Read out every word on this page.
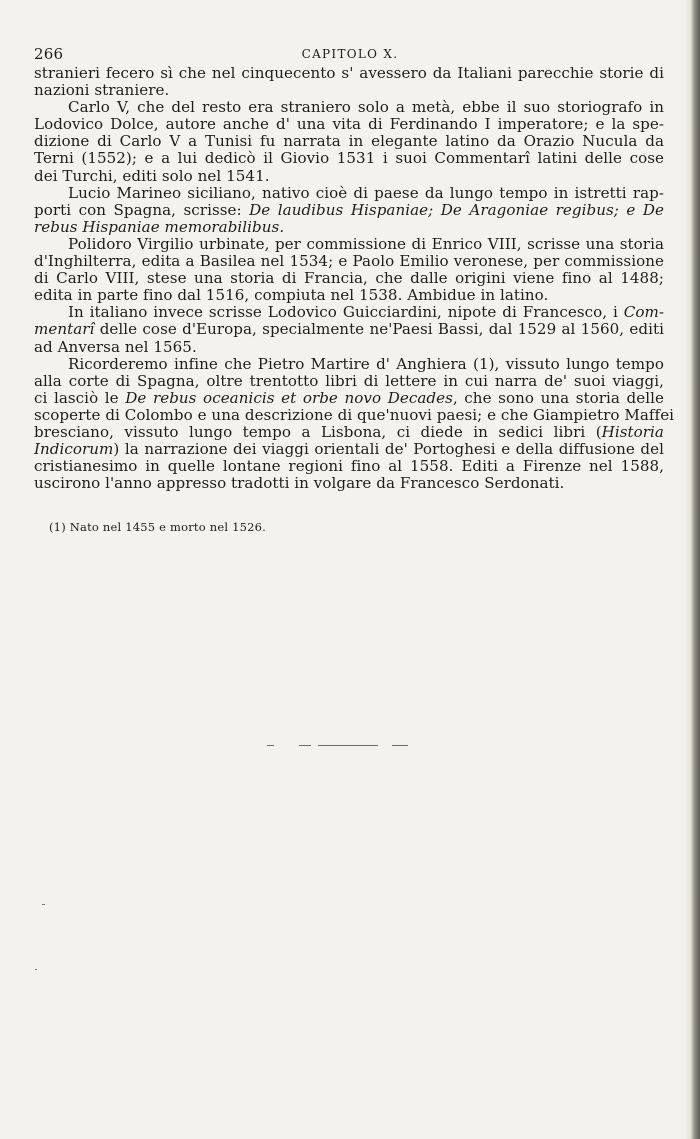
266	CAPITOLO X.
stranieri fecero sì che nel cinquecento s' avessero da Italiani parecchie storie di
nazioni straniere.
Carlo V, che del resto era straniero solo a metà, ebbe il suo storiografo in
Lodovico Dolce, autore anche d' una vita di Ferdinando I imperatore; e la spe-
dizione di Carlo V a Tunisi fu narrata in elegante latino da Orazio Nucula da
Terni (1552); e a lui dedicò il Giovio 1531 i suoi Commentarî latini delle cose
dei Turchi, editi solo nel 1541.
Lucio Marineo siciliano, nativo cioè di paese da lungo tempo in istretti rap-
porti con Spagna, scrisse: De laudibus Hispaniae; De Aragoniae regibus; e De
rebus Hispaniae memorabilibus.
Polidoro Virgilio urbinate, per commissione di Enrico VIII, scrisse una storia
d'Inghilterra, edita a Basilea nel 1534; e Paolo Emilio veronese, per commissione
di Carlo VIII, stese una storia di Francia, che dalle origini viene fino al 1488;
edita in parte fino dal 1516, compiuta nel 1538. Ambidue in latino.
In italiano invece scrisse Lodovico Guicciardini, nipote di Francesco, i Com-
mentarî delle cose d'Europa, specialmente ne'Paesi Bassi, dal 1529 al 1560, editi
ad Anversa nel 1565.
Ricorderemo infine che Pietro Martire d' Anghiera (1), vissuto lungo tempo
alla corte di Spagna, oltre trentotto libri di lettere in cui narra de' suoi viaggi,
ci lasciò le De rebus oceanicis et orbe novo Decades, che sono una storia delle
scoperte di Colombo e una descrizione di que'nuovi paesi; e che Giampietro Maffei
bresciano, vissuto lungo tempo a Lisbona, ci diede in sedici libri (Historia
Indicorum) la narrazione dei viaggi orientali de' Portoghesi e della diffusione del
cristianesimo in quelle lontane regioni fino al 1558. Editi a Firenze nel 1588,
uscirono l'anno appresso tradotti in volgare da Francesco Serdonati.
(1) Nato nel 1455 e morto nel 1526.
